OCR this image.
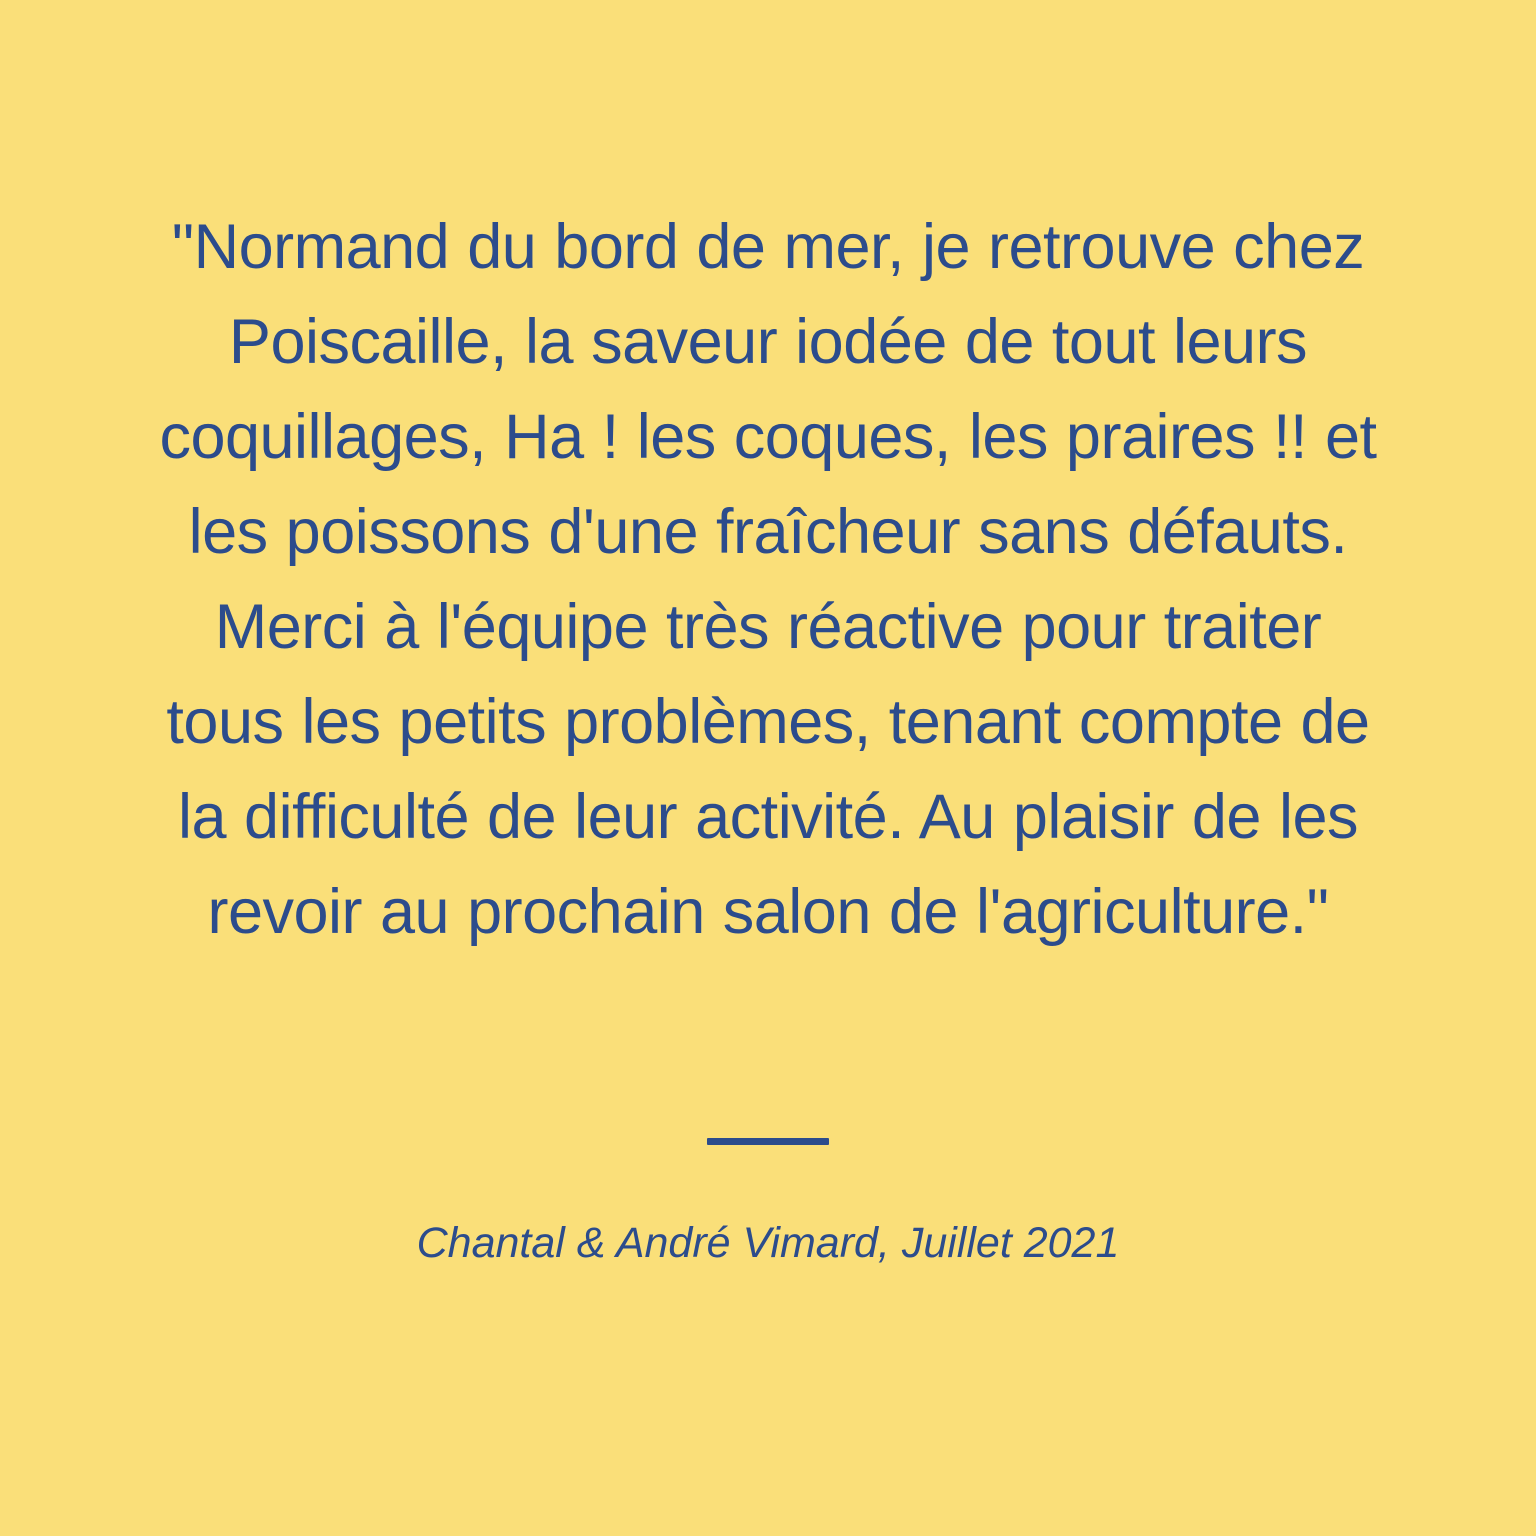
"Normand du bord de mer, je retrouve chez Poiscaille, la saveur iodée de tout leurs coquillages, Ha ! les coques, les praires !! et les poissons d'une fraîcheur sans défauts. Merci à l'équipe très réactive pour traiter tous les petits problèmes, tenant compte de la difficulté de leur activité. Au plaisir de les revoir au prochain salon de l'agriculture."

Chantal & André Vimard, Juillet 2021
